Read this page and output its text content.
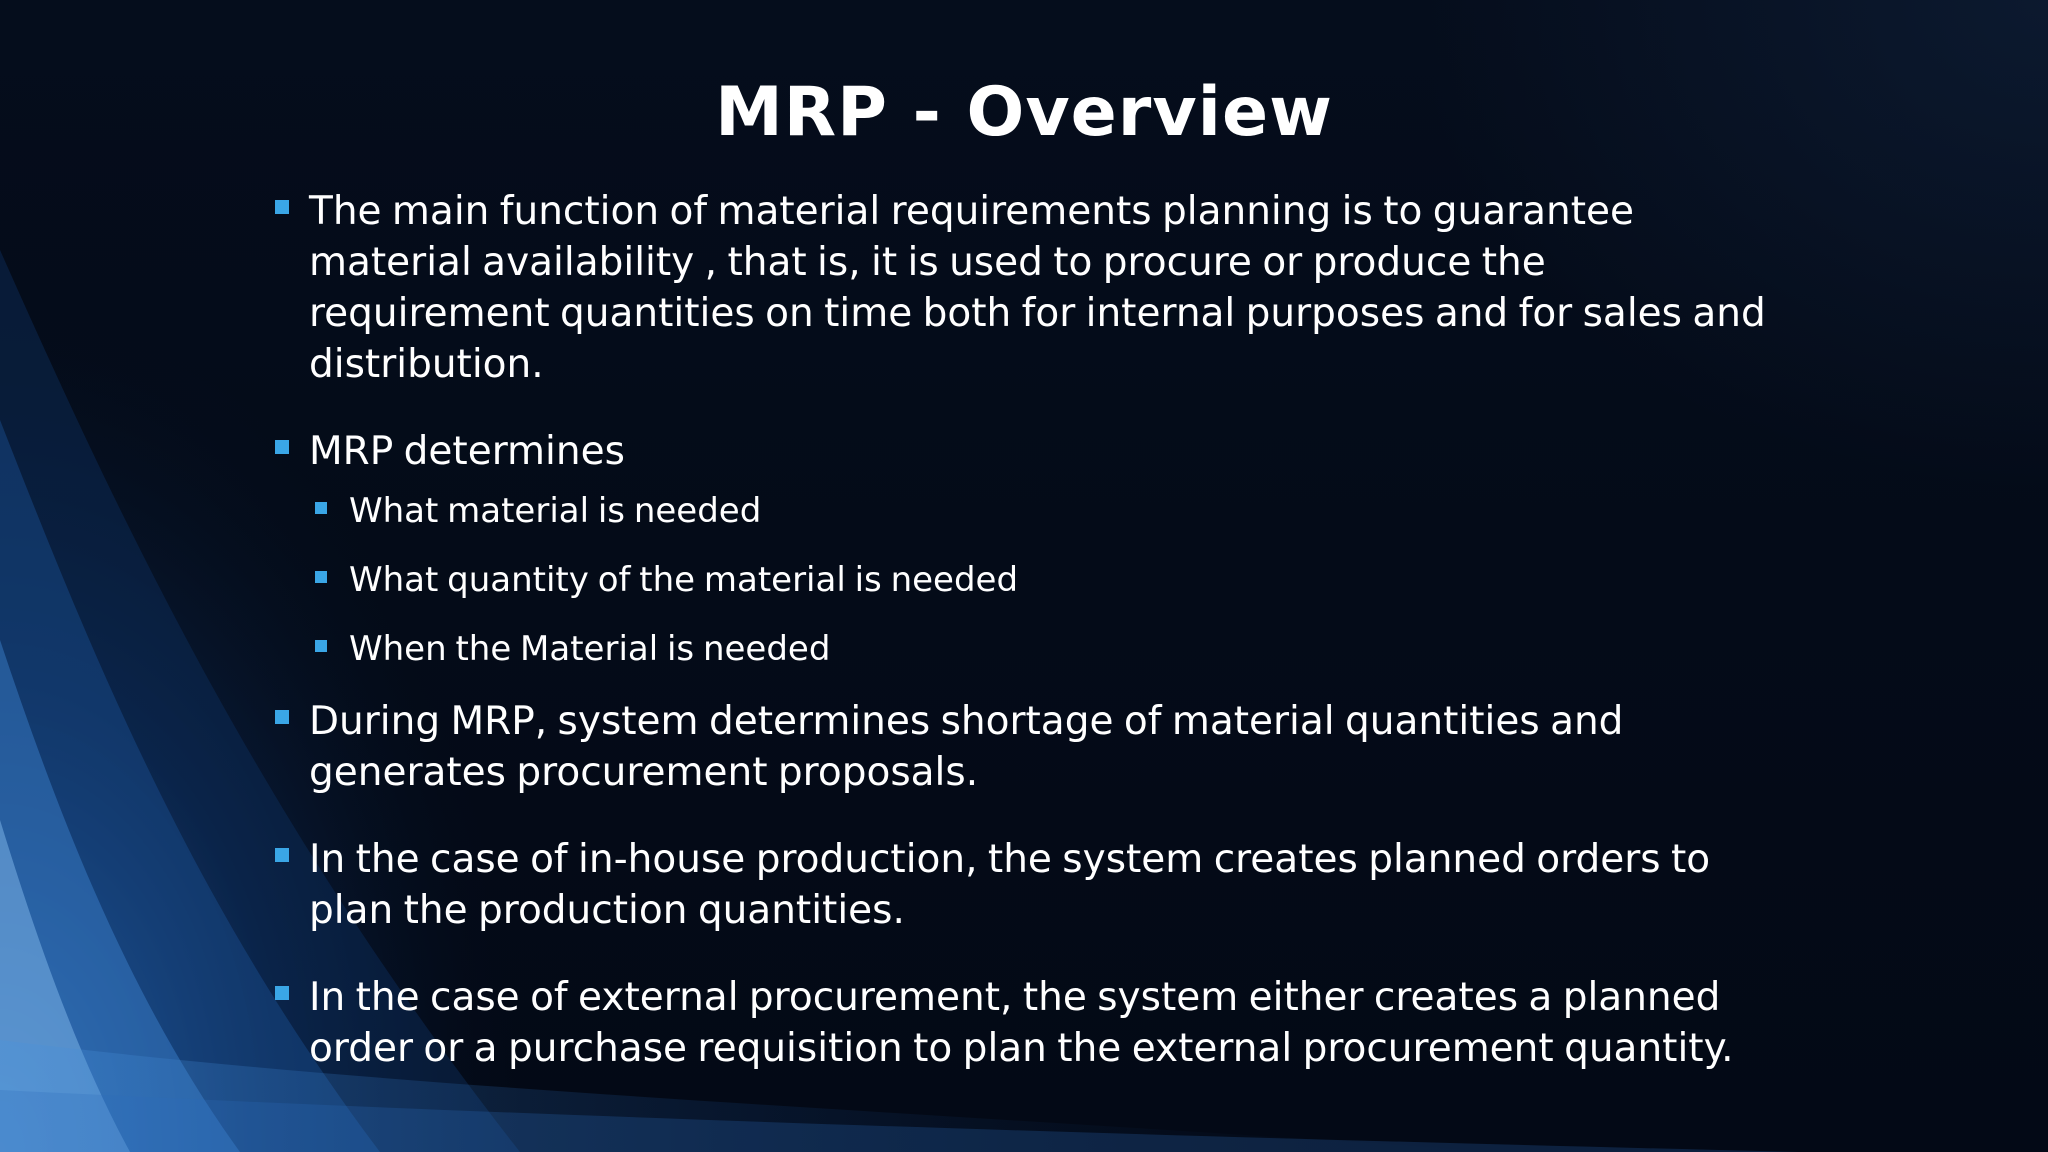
MRP - Overview
The main function of material requirements planning is to guarantee material availability , that is, it is used to procure or produce the requirement quantities on time both for internal purposes and for sales and distribution.
MRP determines
What material is needed
What quantity of the material is needed
When the Material is needed
During MRP, system determines shortage of material quantities and generates procurement proposals.
In the case of in-house production, the system creates planned orders to plan the production quantities.
In the case of external procurement, the system either creates a planned order or a purchase requisition to plan the external procurement quantity.
